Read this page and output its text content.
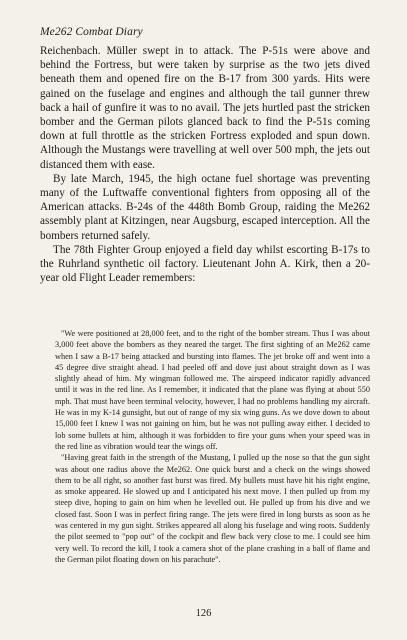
Me262 Combat Diary

Reichenbach. Müller swept in to attack. The P-51s were above and behind the Fortress, but were taken by surprise as the two jets dived beneath them and opened fire on the B-17 from 300 yards. Hits were gained on the fuselage and engines and although the tail gunner threw back a hail of gunfire it was to no avail. The jets hurtled past the stricken bomber and the German pilots glanced back to find the P-51s coming down at full throttle as the stricken Fortress exploded and spun down. Although the Mustangs were travelling at well over 500 mph, the jets out distanced them with ease.

By late March, 1945, the high octane fuel shortage was preventing many of the Luftwaffe conventional fighters from opposing all of the American attacks. B-24s of the 448th Bomb Group, raiding the Me262 assembly plant at Kitzingen, near Augsburg, escaped interception. All the bombers returned safely.

The 78th Fighter Group enjoyed a field day whilst escorting B-17s to the Ruhrland synthetic oil factory. Lieutenant John A. Kirk, then a 20-year old Flight Leader remembers:

"We were positioned at 28,000 feet, and to the right of the bomber stream. Thus I was about 3,000 feet above the bombers as they neared the target. The first sighting of an Me262 came when I saw a B-17 being attacked and bursting into flames. The jet broke off and went into a 45 degree dive straight ahead. I had peeled off and dove just about straight down as I was slightly ahead of him. My wingman followed me. The airspeed indicator rapidly advanced until it was in the red line. As I remember, it indicated that the plane was flying at about 550 mph. That must have been terminal velocity, however, I had no problems handling my aircraft. He was in my K-14 gunsight, but out of range of my six wing guns. As we dove down to about 15,000 feet I knew I was not gaining on him, but he was not pulling away either. I decided to lob some bullets at him, although it was forbidden to fire your guns when your speed was in the red line as vibration would tear the wings off.

"Having great faith in the strength of the Mustang, I pulled up the nose so that the gun sight was about one radius above the Me262. One quick burst and a check on the wings showed them to be all right, so another fast burst was fired. My bullets must have hit his right engine, as smoke appeared. He slowed up and I anticipated his next move. I then pulled up from my steep dive, hoping to gain on him when he levelled out. He pulled up from his dive and we closed fast. Soon I was in perfect firing range. The jets were fired in long bursts as soon as he was centered in my gun sight. Strikes appeared all along his fuselage and wing roots. Suddenly the pilot seemed to "pop out" of the cockpit and flew back very close to me. I could see him very well. To record the kill, I took a camera shot of the plane crashing in a ball of flame and the German pilot floating down on his parachute".

126
